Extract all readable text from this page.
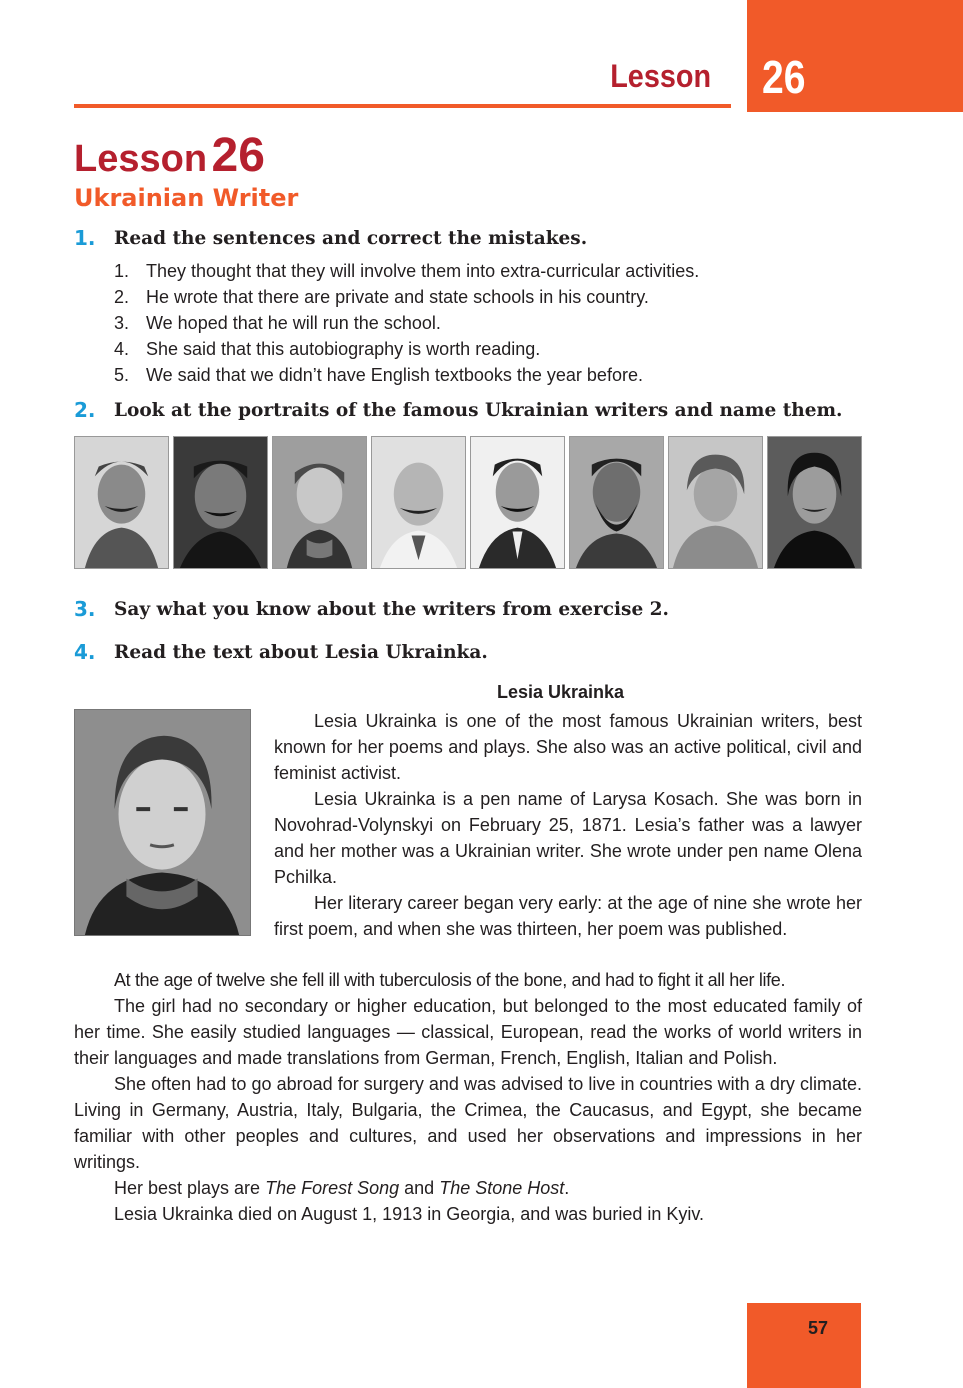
Lesson 26
Lesson 26
Ukrainian Writer
1. Read the sentences and correct the mistakes.
1. They thought that they will involve them into extra-curricular activities.
2. He wrote that there are private and state schools in his country.
3. We hoped that he will run the school.
4. She said that this autobiography is worth reading.
5. We said that we didn’t have English textbooks the year before.
2. Look at the portraits of the famous Ukrainian writers and name them.
3. Say what you know about the writers from exercise 2.
4. Read the text about Lesia Ukrainka.
Lesia Ukrainka

Lesia Ukrainka is one of the most famous Ukrainian writers, best known for her poems and plays. She also was an active political, civil and feminist activist.

Lesia Ukrainka is a pen name of Larysa Kosach. She was born in Novohrad-Volynskyi on February 25, 1871. Lesia’s father was a lawyer and her mother was a Ukrainian writer. She wrote under pen name Olena Pchilka.

Her literary career began very early: at the age of nine she wrote her first poem, and when she was thirteen, her poem was published.

At the age of twelve she fell ill with tuberculosis of the bone, and had to fight it all her life.

The girl had no secondary or higher education, but belonged to the most educated family of her time. She easily studied languages — classical, European, read the works of world writers in their languages and made translations from German, French, English, Italian and Polish.

She often had to go abroad for surgery and was advised to live in countries with a dry climate. Living in Germany, Austria, Italy, Bulgaria, the Crimea, the Caucasus, and Egypt, she became familiar with other peoples and cultures, and used her observations and impressions in her writings.

Her best plays are The Forest Song and The Stone Host.

Lesia Ukrainka died on August 1, 1913 in Georgia, and was buried in Kyiv.

57
